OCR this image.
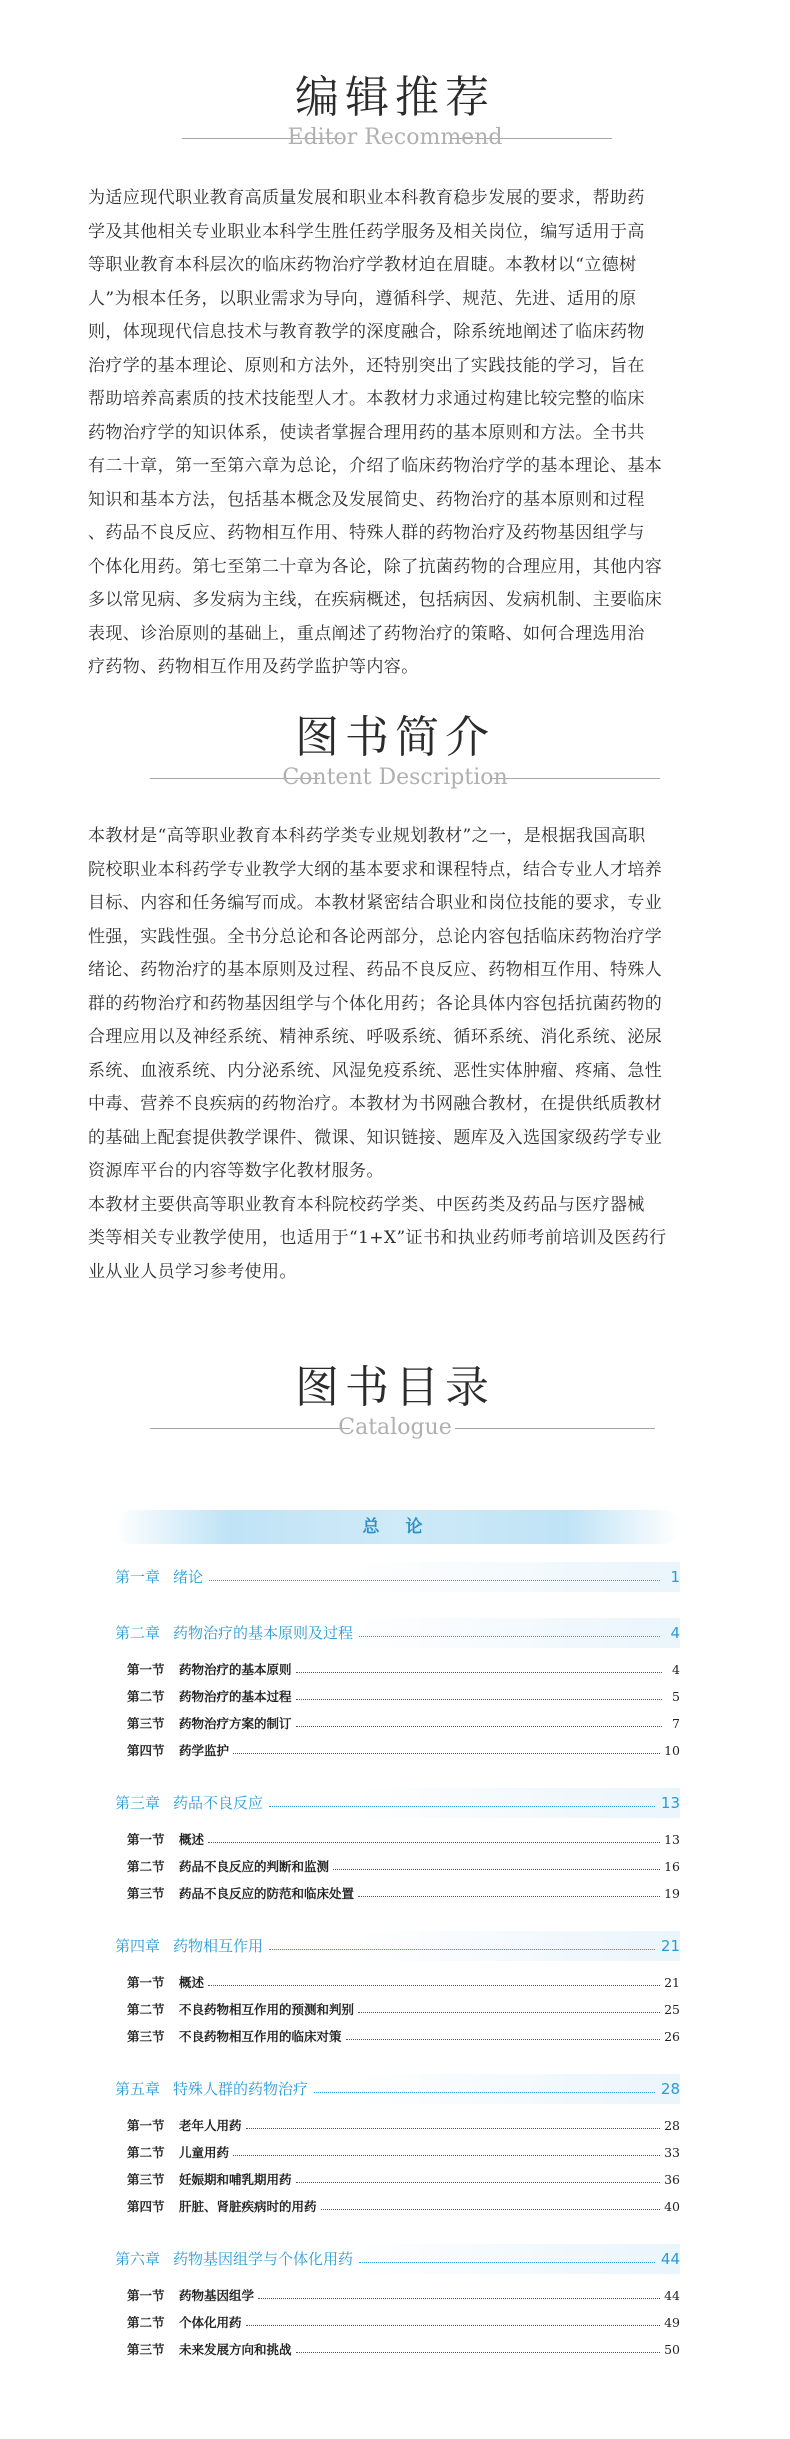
编辑推荐
Editor Recommend

为适应现代职业教育高质量发展和职业本科教育稳步发展的要求，帮助药

学及其他相关专业职业本科学生胜任药学服务及相关岗位，编写适用于高

等职业教育本科层次的临床药物治疗学教材迫在眉睫。本教材以“立德树

人”为根本任务，以职业需求为导向，遵循科学、规范、先进、适用的原

则，体现现代信息技术与教育教学的深度融合，除系统地阐述了临床药物

治疗学的基本理论、原则和方法外，还特别突出了实践技能的学习，旨在

帮助培养高素质的技术技能型人才。本教材力求通过构建比较完整的临床

药物治疗学的知识体系，使读者掌握合理用药的基本原则和方法。全书共

有二十章，第一至第六章为总论，介绍了临床药物治疗学的基本理论、基本

知识和基本方法，包括基本概念及发展简史、药物治疗的基本原则和过程

、药品不良反应、药物相互作用、特殊人群的药物治疗及药物基因组学与

个体化用药。第七至第二十章为各论，除了抗菌药物的合理应用，其他内容

多以常见病、多发病为主线，在疾病概述，包括病因、发病机制、主要临床

表现、诊治原则的基础上，重点阐述了药物治疗的策略、如何合理选用治

疗药物、药物相互作用及药学监护等内容。

图书简介
Content Description

本教材是“高等职业教育本科药学类专业规划教材”之一，是根据我国高职

院校职业本科药学专业教学大纲的基本要求和课程特点，结合专业人才培养

目标、内容和任务编写而成。本教材紧密结合职业和岗位技能的要求，专业

性强，实践性强。全书分总论和各论两部分，总论内容包括临床药物治疗学

绪论、药物治疗的基本原则及过程、药品不良反应、药物相互作用、特殊人

群的药物治疗和药物基因组学与个体化用药；各论具体内容包括抗菌药物的

合理应用以及神经系统、精神系统、呼吸系统、循环系统、消化系统、泌尿

系统、血液系统、内分泌系统、风湿免疫系统、恶性实体肿瘤、疼痛、急性

中毒、营养不良疾病的药物治疗。本教材为书网融合教材，在提供纸质教材

的基础上配套提供教学课件、微课、知识链接、题库及入选国家级药学专业

资源库平台的内容等数字化教材服务。

本教材主要供高等职业教育本科院校药学类、中医药类及药品与医疗器械

类等相关专业教学使用，也适用于“1+X”证书和执业药师考前培训及医药行

业从业人员学习参考使用。

图书目录
Catalogue
总 论
第一章 绪论	1
第二章 药物治疗的基本原则及过程	4
第一节	药物治疗的基本原则	4
第二节	药物治疗的基本过程	5
第三节	药物治疗方案的制订	7
第四节	药学监护	10
第三章 药品不良反应	13
第一节	概述	13
第二节	药品不良反应的判断和监测	16
第三节	药品不良反应的防范和临床处置	19
第四章 药物相互作用	21
第一节	概述	21
第二节	不良药物相互作用的预测和判别	25
第三节	不良药物相互作用的临床对策	26
第五章 特殊人群的药物治疗	28
第一节	老年人用药	28
第二节	儿童用药	33
第三节	妊娠期和哺乳期用药	36
第四节	肝脏、肾脏疾病时的用药	40
第六章 药物基因组学与个体化用药	44
第一节	药物基因组学	44
第二节	个体化用药	49
第三节	未来发展方向和挑战	50
